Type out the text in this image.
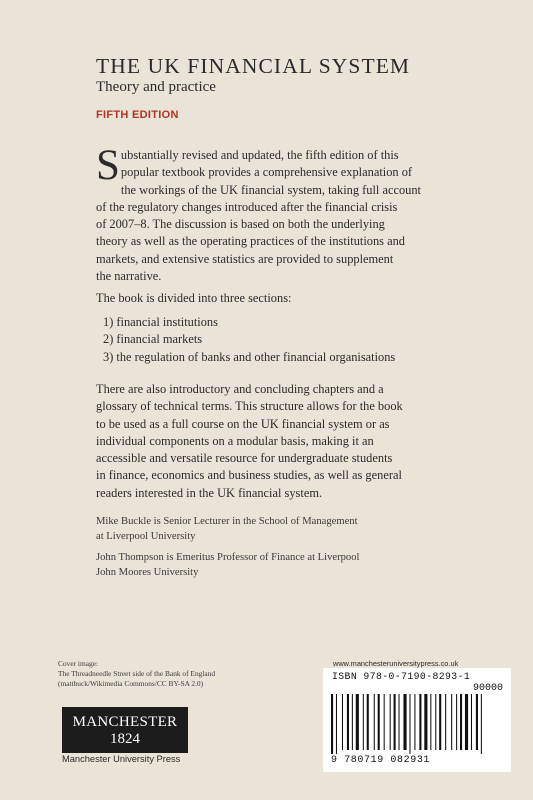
THE UK FINANCIAL SYSTEM
Theory and practice
FIFTH EDITION
S ubstantially revised and updated, the fifth edition of this
popular textbook provides a comprehensive explanation of
the workings of the UK financial system, taking full account
of the regulatory changes introduced after the financial crisis
of 2007–8. The discussion is based on both the underlying
theory as well as the operating practices of the institutions and
markets, and extensive statistics are provided to supplement
the narrative.
The book is divided into three sections:
1) financial institutions
2) financial markets
3) the regulation of banks and other financial organisations
There are also introductory and concluding chapters and a
glossary of technical terms. This structure allows for the book
to be used as a full course on the UK financial system or as
individual components on a modular basis, making it an
accessible and versatile resource for undergraduate students
in finance, economics and business studies, as well as general
readers interested in the UK financial system.
Mike Buckle is Senior Lecturer in the School of Management
at Liverpool University
John Thompson is Emeritus Professor of Finance at Liverpool
John Moores University
Cover image:
The Threadneedle Street side of the Bank of England
(mattbuck/Wikimedia Commons/CC BY-SA 2.0)
MANCHESTER
1824
Manchester University Press
www.manchesteruniversitypress.co.uk
ISBN 978-0-7190-8293-1
90000
9 780719 082931
